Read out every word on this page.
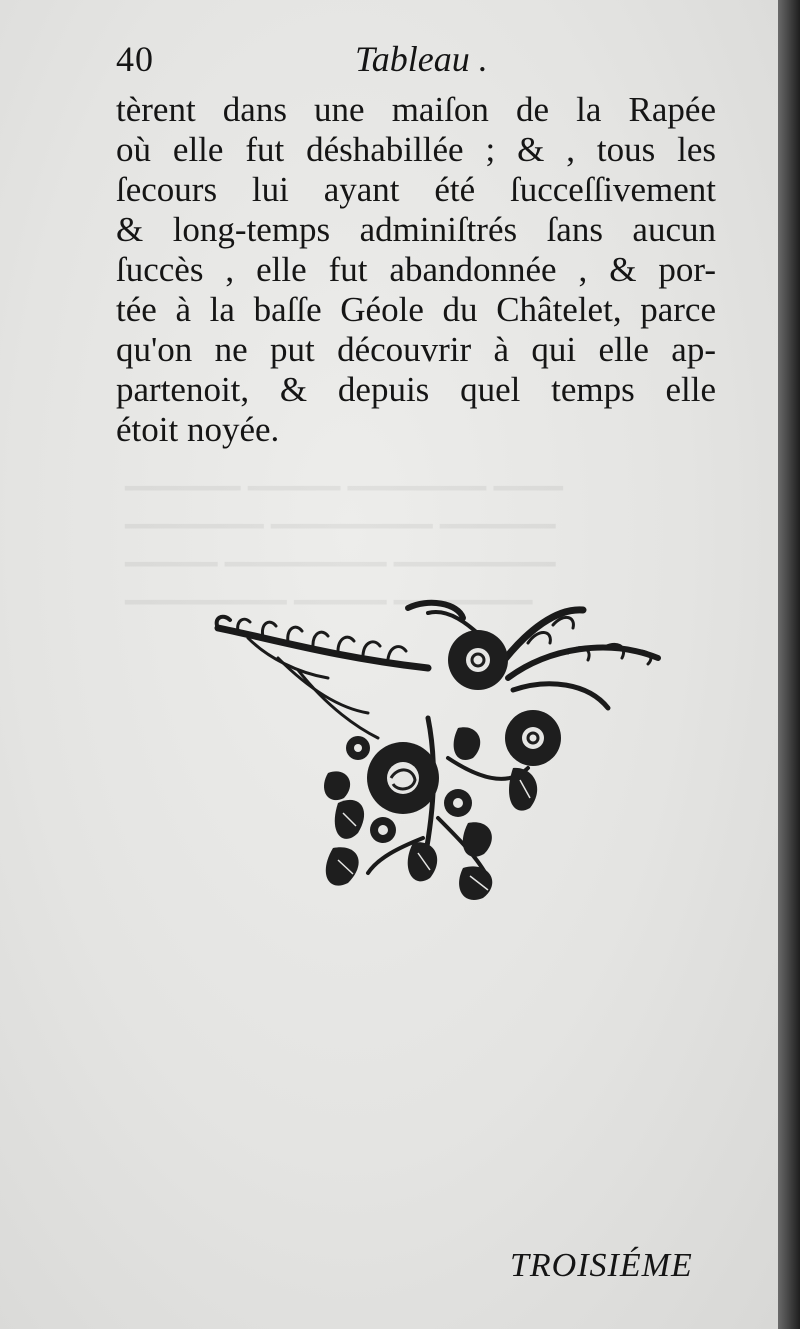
▁▁▁▁▁ ▁▁▁▁ ▁▁▁▁▁▁ ▁▁▁
▁▁▁▁▁▁ ▁▁▁▁▁▁▁ ▁▁▁▁▁
▁▁▁▁ ▁▁▁▁▁▁▁ ▁▁▁▁▁▁▁
▁▁▁▁▁▁▁ ▁▁▁▁ ▁▁▁▁▁▁
40	Tableau .
tèrent dans une maiſon de la Rapée
où elle fut déshabillée ; & , tous les
ſecours lui ayant été ſucceſſivement
& long-temps adminiſtrés ſans aucun
ſuccès , elle fut abandonnée , & por-
tée à la baſſe Géole du Châtelet, parce
qu'on ne put découvrir à qui elle ap-
partenoit, & depuis quel temps elle
étoit noyée.
TROISIÉME
